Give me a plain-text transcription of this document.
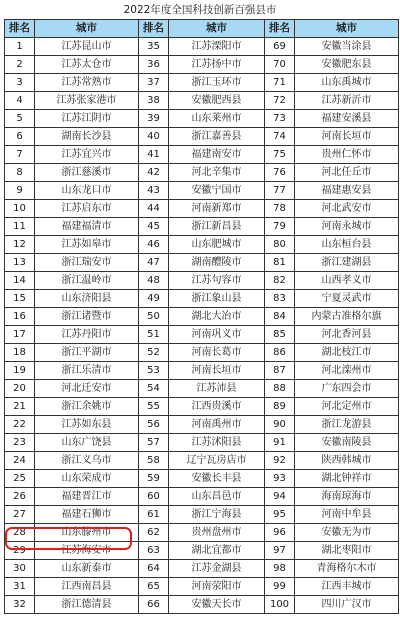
2022年度全国科技创新百强县市
排名	城市	排名	城市	排名	城市
1	江苏昆山市	35	江苏溧阳市	69	安徽当涂县
2	江苏太仓市	36	江苏扬中市	70	安徽肥东县
3	江苏常熟市	37	浙江玉环市	71	山东禹城市
4	江苏张家港市	38	安徽肥西县	72	江苏新沂市
5	江苏江阴市	39	山东莱州市	73	福建安溪县
6	湖南长沙县	40	浙江嘉善县	74	河南长垣市
7	江苏宜兴市	41	福建南安市	75	贵州仁怀市
8	浙江慈溪市	42	河北辛集市	76	河北任丘市
9	山东龙口市	43	安徽宁国市	77	福建惠安县
10	江苏启东市	44	河南新郑市	78	河北武安市
11	福建福清市	45	浙江新昌县	79	河南永城市
12	江苏如皋市	46	山东肥城市	80	山东桓台县
13	浙江瑞安市	47	湖南醴陵市	81	浙江建湖县
14	浙江温岭市	48	江苏句容市	82	山西孝义市
15	山东济阳县	49	浙江象山县	83	宁夏灵武市
16	浙江诸暨市	50	湖北大冶市	84	内蒙古准格尔旗
17	江苏丹阳市	51	河南巩义市	85	河北香河县
18	浙江平湖市	52	河南长葛市	86	湖北枝江市
19	浙江乐清市	53	河南长垣市	87	河北滦州市
20	河北迁安市	54	江苏沛县	88	广东四会市
21	浙江余姚市	55	江西贵溪市	89	河北定州市
22	江苏如东县	56	河南禹州市	90	浙江龙游县
23	山东广饶县	57	江苏沭阳县	91	安徽南陵县
24	浙江义乌市	58	辽宁瓦房店市	92	陕西韩城市
25	山东荣成市	59	安徽长丰县	93	湖北钟祥市
26	福建晋江市	60	山东昌邑市	94	海南琼海市
27	福建石狮市	61	浙江宁海县	95	河南中牟县
28	山东滕州市	62	贵州盘州市	96	安徽无为市
29	江苏海安市	63	湖北宜都市	97	湖北枣阳市
30	山东新泰市	64	江苏金湖县	98	青海格尔木市
31	江西南昌县	65	河南荥阳市	99	江西丰城市
32	浙江德清县	66	安徽天长市	100	四川广汉市
